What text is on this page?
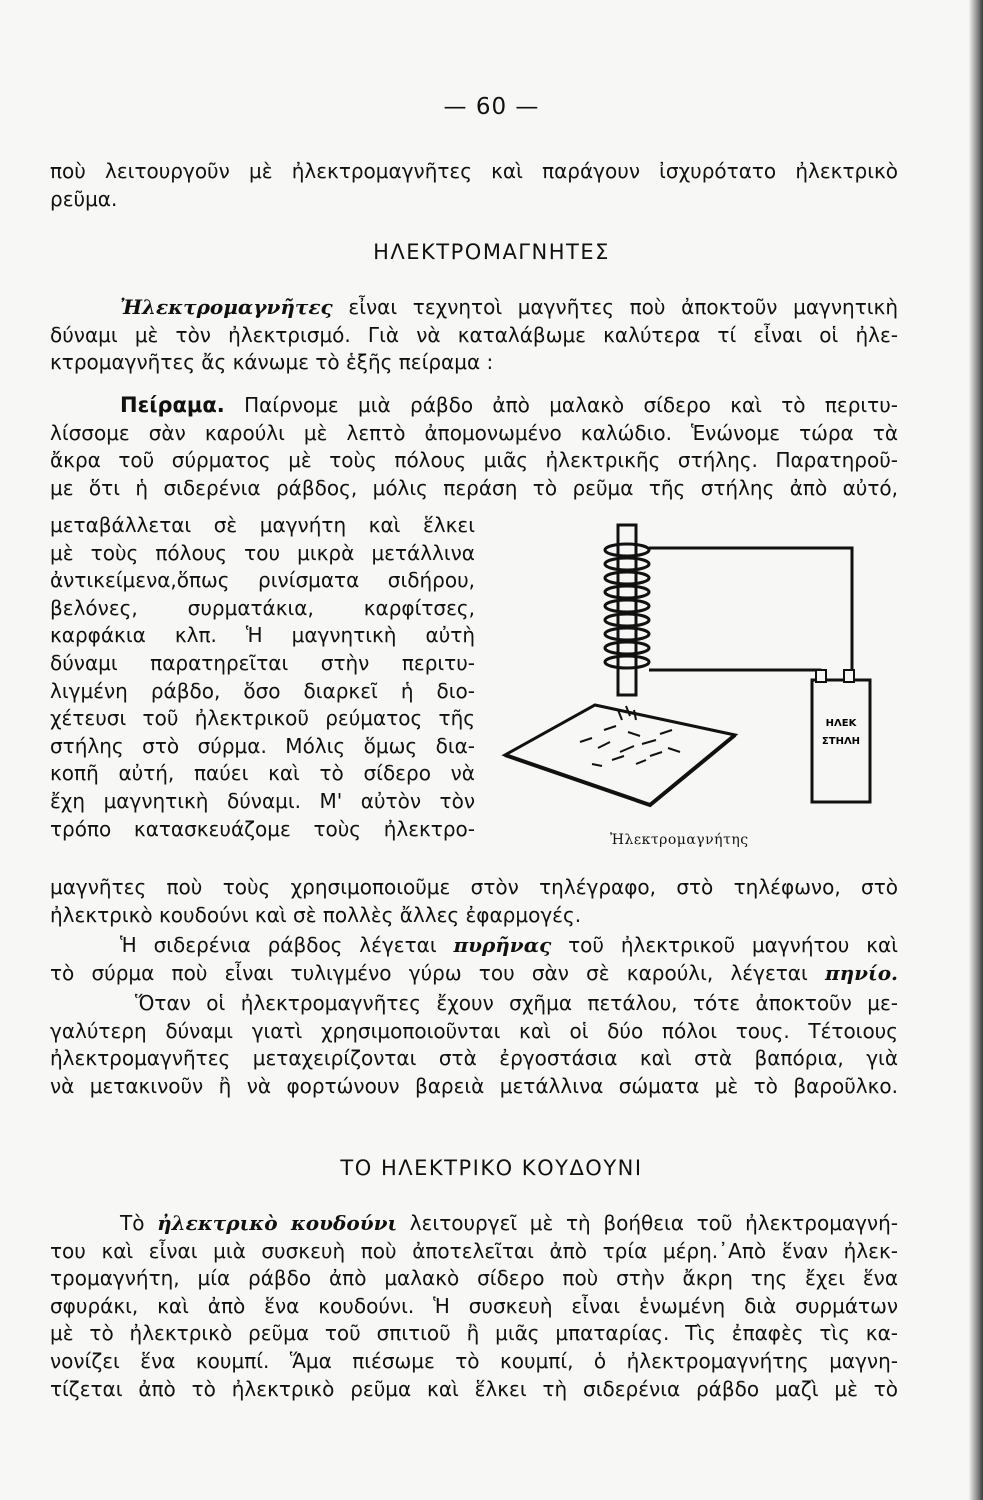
— 60 —
ποὺ λειτουργοῦν μὲ ἠλεκτρομαγνῆτες καὶ παράγουν ἰσχυρότατο ἠλεκτρικὸ
ρεῦμα.
ΗΛΕΚΤΡΟΜΑΓΝΗΤΕΣ
Ἠλεκτρομαγνῆτες εἶναι τεχνητοὶ μαγνῆτες ποὺ ἀποκτοῦν μαγνητικὴ
δύναμι μὲ τὸν ἠλεκτρισμό. Γιὰ νὰ καταλάβωμε καλύτερα τί εἶναι οἱ ἠλε-
κτρομαγνῆτες ἄς κάνωμε τὸ ἑξῆς πείραμα :
Πείραμα. Παίρνομε μιὰ ράβδο ἀπὸ μαλακὸ σίδερο καὶ τὸ περιτυ-
λίσσομε σὰν καρούλι μὲ λεπτὸ ἀπομονωμένο καλώδιο. Ἑνώνομε τώρα τὰ
ἄκρα τοῦ σύρματος μὲ τοὺς πόλους μιᾶς ἠλεκτρικῆς στήλης. Παρατηροῦ-
με ὅτι ἡ σιδερένια ράβδος, μόλις περάση τὸ ρεῦμα τῆς στήλης ἀπὸ αὐτό,
μεταβάλλεται σὲ μαγνήτη καὶ ἕλκει
μὲ τοὺς πόλους του μικρὰ μετάλλινα
ἀντικείμενα,ὅπως ρινίσματα σιδήρου,
βελόνες, συρματάκια, καρφίτσες,
καρφάκια κλπ. Ἡ μαγνητικὴ αὐτὴ
δύναμι παρατηρεῖται στὴν περιτυ-
λιγμένη ράβδο, ὅσο διαρκεῖ ἡ διο-
χέτευσι τοῦ ἠλεκτρικοῦ ρεύματος τῆς
στήλης στὸ σύρμα. Μόλις ὅμως δια-
κοπῆ αὐτή, παύει καὶ τὸ σίδερο νὰ
ἔχη μαγνητικὴ δύναμι. Μ' αὐτὸν τὸν
τρόπο κατασκευάζομε τοὺς ἠλεκτρο-
ΗΛΕΚ
ΣΤΗΛΗ
Ἠλεκτρομαγνήτης
μαγνῆτες ποὺ τοὺς χρησιμοποιοῦμε στὸν τηλέγραφο, στὸ τηλέφωνο, στὸ
ἠλεκτρικὸ κουδούνι καὶ σὲ πολλὲς ἄλλες ἐφαρμογές.
Ἡ σιδερένια ράβδος λέγεται πυρῆνας τοῦ ἠλεκτρικοῦ μαγνήτου καὶ
τὸ σύρμα ποὺ εἶναι τυλιγμένο γύρω του σὰν σὲ καρούλι, λέγεται πηνίο.
Ὅταν οἱ ἠλεκτρομαγνῆτες ἔχουν σχῆμα πετάλου, τότε ἀποκτοῦν με-
γαλύτερη δύναμι γιατὶ χρησιμοποιοῦνται καὶ οἱ δύο πόλοι τους. Τέτοιους
ἠλεκτρομαγνῆτες μεταχειρίζονται στὰ ἐργοστάσια καὶ στὰ βαπόρια, γιὰ
νὰ μετακινοῦν ἢ νὰ φορτώνουν βαρειὰ μετάλλινα σώματα μὲ τὸ βαροῦλκο.
ΤΟ ΗΛΕΚΤΡΙΚΟ ΚΟΥΔΟΥΝΙ
Τὸ ἠλεκτρικὸ κουδούνι λειτουργεῖ μὲ τὴ βοήθεια τοῦ ἠλεκτρομαγνή-
του καὶ εἶναι μιὰ συσκευὴ ποὺ ἀποτελεῖται ἀπὸ τρία μέρη.᾿Απὸ ἕναν ἠλεκ-
τρομαγνήτη, μία ράβδο ἀπὸ μαλακὸ σίδερο ποὺ στὴν ἄκρη της ἔχει ἕνα
σφυράκι, καὶ ἀπὸ ἕνα κουδούνι. Ἡ συσκευὴ εἶναι ἑνωμένη διὰ συρμάτων
μὲ τὸ ἠλεκτρικὸ ρεῦμα τοῦ σπιτιοῦ ἢ μιᾶς μπαταρίας. Τὶς ἐπαφὲς τὶς κα-
νονίζει ἕνα κουμπί. Ἅμα πιέσωμε τὸ κουμπί, ὁ ἠλεκτρομαγνήτης μαγνη-
τίζεται ἀπὸ τὸ ἠλεκτρικὸ ρεῦμα καὶ ἕλκει τὴ σιδερένια ράβδο μαζὶ μὲ τὸ
